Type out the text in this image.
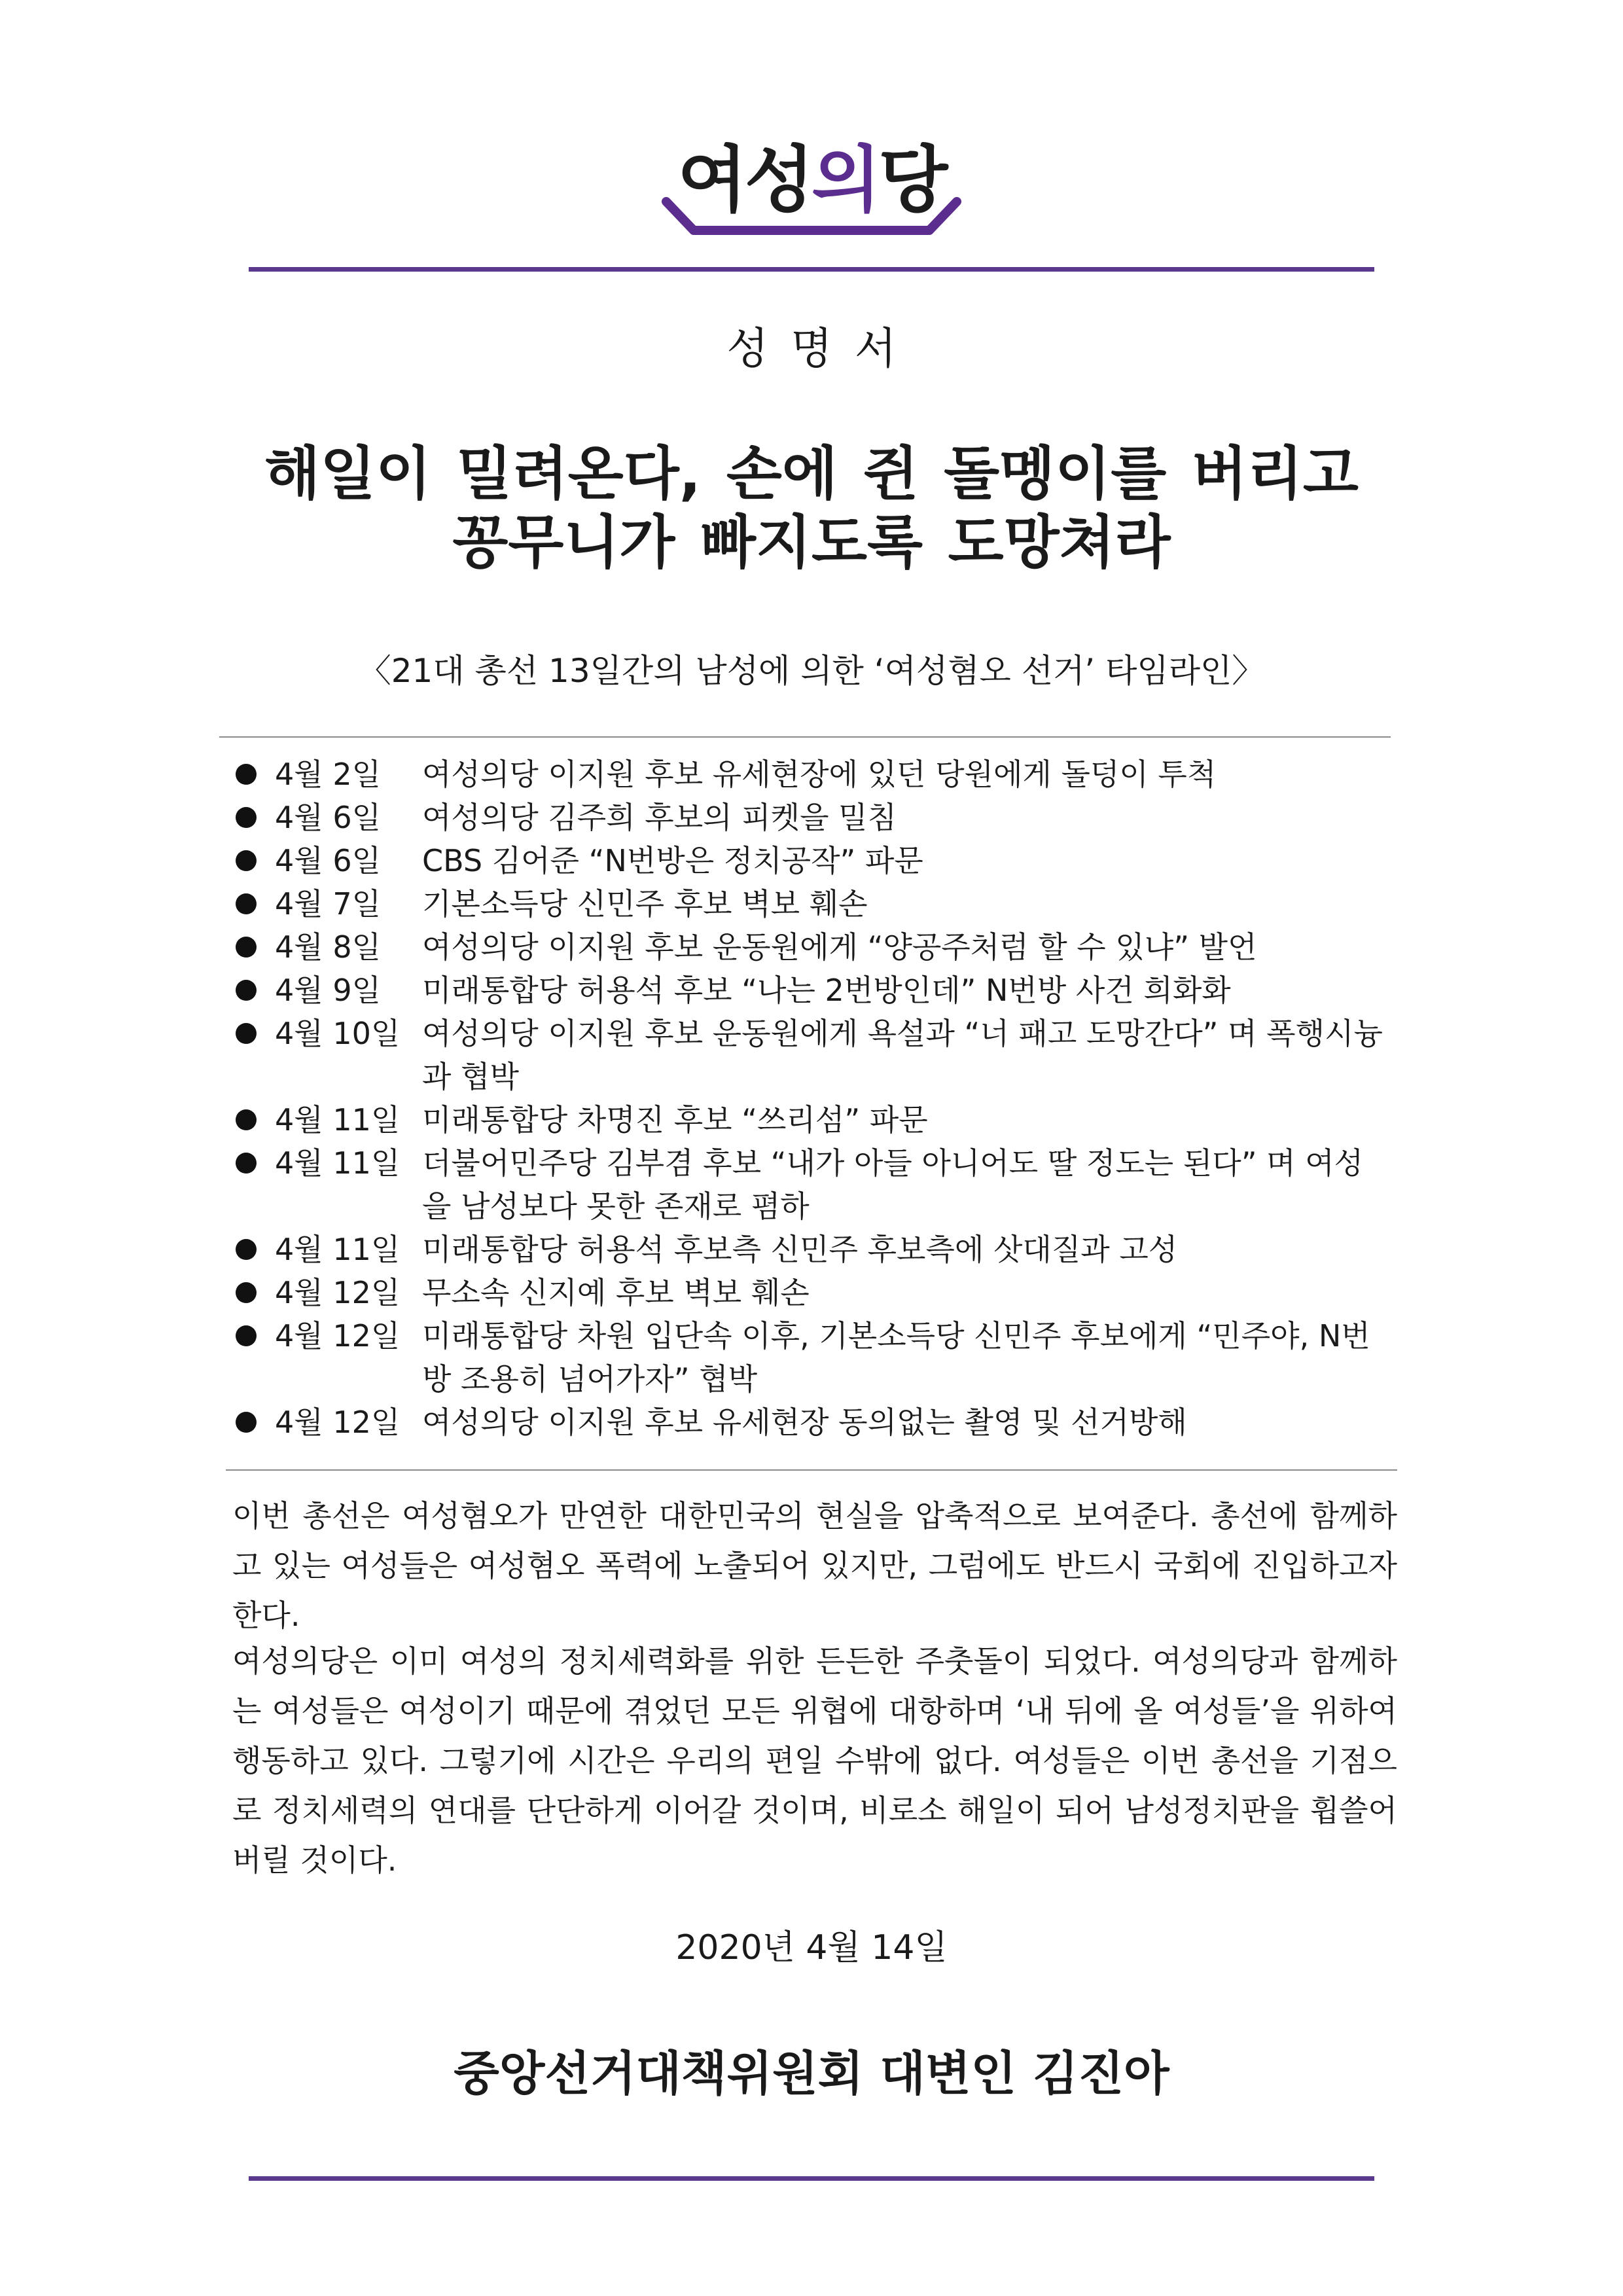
여성의당
성명서
해일이 밀려온다, 손에 쥔 돌멩이를 버리고
꽁무니가 빠지도록 도망쳐라
〈21대 총선 13일간의 남성에 의한 ‘여성혐오 선거’ 타임라인〉
4월 2일 여성의당 이지원 후보 유세현장에 있던 당원에게 돌덩이 투척
4월 6일 여성의당 김주희 후보의 피켓을 밀침
4월 6일 CBS 김어준 “N번방은 정치공작” 파문
4월 7일 기본소득당 신민주 후보 벽보 훼손
4월 8일 여성의당 이지원 후보 운동원에게 “양공주처럼 할 수 있냐” 발언
4월 9일 미래통합당 허용석 후보 “나는 2번방인데” N번방 사건 희화화
4월 10일 여성의당 이지원 후보 운동원에게 욕설과 “너 패고 도망간다” 며 폭행시늉과 협박
4월 11일 미래통합당 차명진 후보 “쓰리섬” 파문
4월 11일 더불어민주당 김부겸 후보 “내가 아들 아니어도 딸 정도는 된다” 며 여성을 남성보다 못한 존재로 폄하
4월 11일 미래통합당 허용석 후보측 신민주 후보측에 삿대질과 고성
4월 12일 무소속 신지예 후보 벽보 훼손
4월 12일 미래통합당 차원 입단속 이후, 기본소득당 신민주 후보에게 “민주야, N번방 조용히 넘어가자” 협박
4월 12일 여성의당 이지원 후보 유세현장 동의없는 촬영 및 선거방해

이번 총선은 여성혐오가 만연한 대한민국의 현실을 압축적으로 보여준다. 총선에 함께하고 있는 여성들은 여성혐오 폭력에 노출되어 있지만, 그럼에도 반드시 국회에 진입하고자 한다.

여성의당은 이미 여성의 정치세력화를 위한 든든한 주춧돌이 되었다. 여성의당과 함께하는 여성들은 여성이기 때문에 겪었던 모든 위협에 대항하며 ‘내 뒤에 올 여성들’을 위하여 행동하고 있다. 그렇기에 시간은 우리의 편일 수밖에 없다. 여성들은 이번 총선을 기점으로 정치세력의 연대를 단단하게 이어갈 것이며, 비로소 해일이 되어 남성정치판을 휩쓸어버릴 것이다.

2020년 4월 14일
중앙선거대책위원회 대변인 김진아
